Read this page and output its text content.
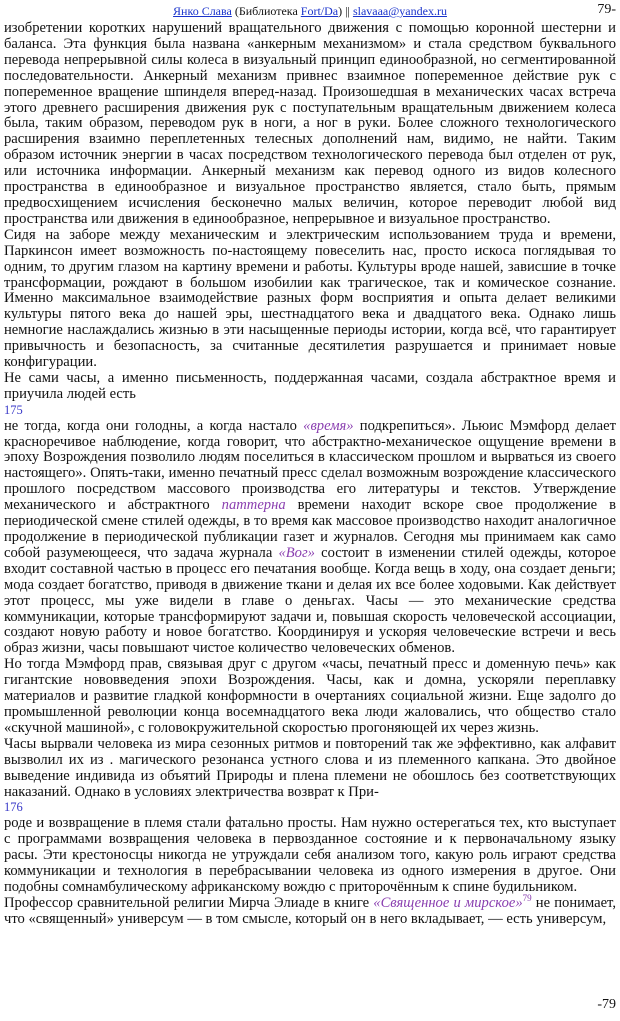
Янко Слава (Библиотека Fort/Da) || slavaaa@yandex.ru	79-

изобретении коротких нарушений вращательного движения с помощью коронной шестерни и баланса. Эта функция была названа «анкерным механизмом» и стала средством буквального перевода непрерывной силы колеса в визуальный принцип единообразной, но сегментированной последовательности. Анкерный механизм привнес взаимное попеременное действие рук с попеременное вращение шпинделя вперед-назад. Произошедшая в механических часах встреча этого древнего расширения движения рук с поступательным вращательным движением колеса была, таким образом, переводом рук в ноги, а ног в руки. Более сложного технологического расширения взаимно переплетенных телесных дополнений нам, видимо, не найти. Таким образом источник энергии в часах посредством технологического перевода был отделен от рук, или источника информации. Анкерный механизм как перевод одного из видов колесного пространства в единообразное и визуальное пространство является, стало быть, прямым предвосхищением исчисления бесконечно малых величин, которое переводит любой вид пространства или движения в единообразное, непрерывное и визуальное пространство.

Сидя на заборе между механическим и электрическим использованием труда и времени, Паркинсон имеет возможность по-настоящему повеселить нас, просто искоса поглядывая то одним, то другим глазом на картину времени и работы. Культуры вроде нашей, зависшие в точке трансформации, рождают в большом изобилии как трагическое, так и комическое сознание. Именно максимальное взаимодействие разных форм восприятия и опыта делает великими культуры пятого века до нашей эры, шестнадцатого века и двадцатого века. Однако лишь немногие наслаждались жизнью в эти насыщенные периоды истории, когда всё, что гарантирует привычность и безопасность, за считанные десятилетия разрушается и принимает новые конфигурации.

Не сами часы, а именно письменность, поддержанная часами, создала абстрактное время и приучила людей есть

175

не тогда, когда они голодны, а когда настало «время» подкрепиться». Льюис Мэмфорд делает красноречивое наблюдение, когда говорит, что абстрактно-механическое ощущение времени в эпоху Возрождения позволило людям поселиться в классическом прошлом и вырваться из своего настоящего». Опять-таки, именно печатный пресс сделал возможным возрождение классического прошлого посредством массового производства его литературы и текстов. Утверждение механического и абстрактного паттерна времени находит вскоре свое продолжение в периодической смене стилей одежды, в то время как массовое производство находит аналогичное продолжение в периодической публикации газет и журналов. Сегодня мы принимаем как само собой разумеющееся, что задача журнала «Вог» состоит в изменении стилей одежды, которое входит составной частью в процесс его печатания вообще. Когда вещь в ходу, она создает деньги; мода создает богатство, приводя в движение ткани и делая их все более ходовыми. Как действует этот процесс, мы уже видели в главе о деньгах. Часы — это механические средства коммуникации, которые трансформируют задачи и, повышая скорость человеческой ассоциации, создают новую работу и новое богатство. Координируя и ускоряя человеческие встречи и весь образ жизни, часы повышают чистое количество человеческих обменов.

Но тогда Мэмфорд прав, связывая друг с другом «часы, печатный пресс и доменную печь» как гигантские нововведения эпохи Возрождения. Часы, как и домна, ускоряли переплавку материалов и развитие гладкой конформности в очертаниях социальной жизни. Еще задолго до промышленной революции конца восемнадцатого века люди жаловались, что общество стало «скучной машиной», с головокружительной скоростью прогоняющей их через жизнь.

Часы вырвали человека из мира сезонных ритмов и повторений так же эффективно, как алфавит вызволил их из . магического резонанса устного слова и из племенного капкана. Это двойное выведение индивида из объятий Природы и плена племени не обошлось без соответствующих наказаний. Однако в условиях электричества возврат к При-

176

роде и возвращение в племя стали фатально просты. Нам нужно остерегаться тех, кто выступает с программами возвращения человека в первозданное состояние и к первоначальному языку расы. Эти крестоносцы никогда не утруждали себя анализом того, какую роль играют средства коммуникации и технология в перебрасывании человека из одного измерения в другое. Они подобны сомнамбулическому африканскому вождю с приторочённым к спине будильником.

Профессор сравнительной религии Мирча Элиаде в книге «Священное и мирское»$^{79}$ не понимает, что «священный» универсум — в том смысле, который он в него вкладывает, — есть универсум,

-79
